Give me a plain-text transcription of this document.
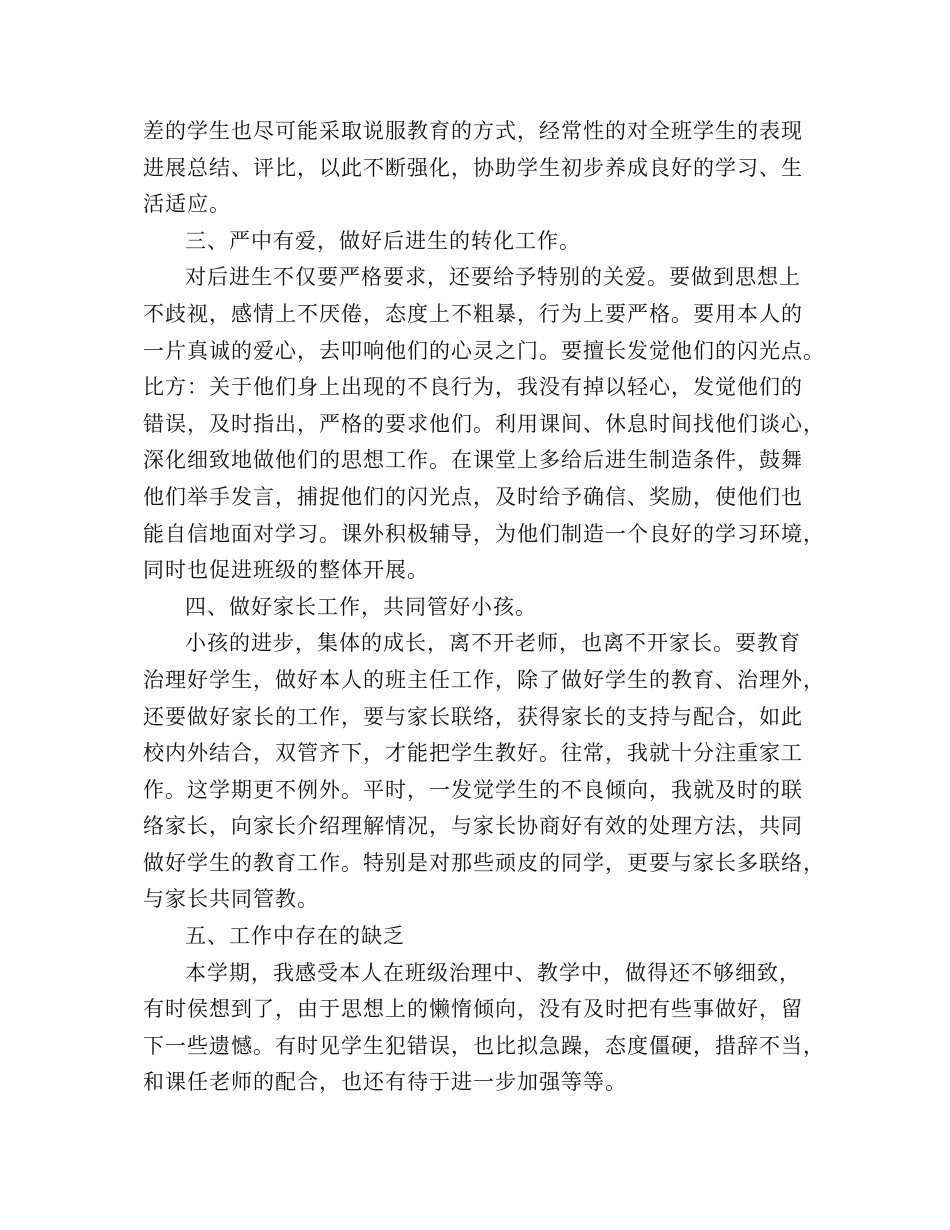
差的学生也尽可能采取说服教育的方式，经常性的对全班学生的表现
进展总结、评比，以此不断强化，协助学生初步养成良好的学习、生
活适应。
三、严中有爱，做好后进生的转化工作。
对后进生不仅要严格要求，还要给予特别的关爱。要做到思想上
不歧视，感情上不厌倦，态度上不粗暴，行为上要严格。要用本人的
一片真诚的爱心，去叩响他们的心灵之门。要擅长发觉他们的闪光点。
比方：关于他们身上出现的不良行为，我没有掉以轻心，发觉他们的
错误，及时指出，严格的要求他们。利用课间、休息时间找他们谈心，
深化细致地做他们的思想工作。在课堂上多给后进生制造条件，鼓舞
他们举手发言，捕捉他们的闪光点，及时给予确信、奖励，使他们也
能自信地面对学习。课外积极辅导，为他们制造一个良好的学习环境，
同时也促进班级的整体开展。
四、做好家长工作，共同管好小孩。
小孩的进步，集体的成长，离不开老师，也离不开家长。要教育
治理好学生，做好本人的班主任工作，除了做好学生的教育、治理外，
还要做好家长的工作，要与家长联络，获得家长的支持与配合，如此
校内外结合，双管齐下，才能把学生教好。往常，我就十分注重家工
作。这学期更不例外。平时，一发觉学生的不良倾向，我就及时的联
络家长，向家长介绍理解情况，与家长协商好有效的处理方法，共同
做好学生的教育工作。特别是对那些顽皮的同学，更要与家长多联络，
与家长共同管教。
五、工作中存在的缺乏
本学期，我感受本人在班级治理中、教学中，做得还不够细致，
有时侯想到了，由于思想上的懒惰倾向，没有及时把有些事做好，留
下一些遗憾。有时见学生犯错误，也比拟急躁，态度僵硬，措辞不当，
和课任老师的配合，也还有待于进一步加强等等。
